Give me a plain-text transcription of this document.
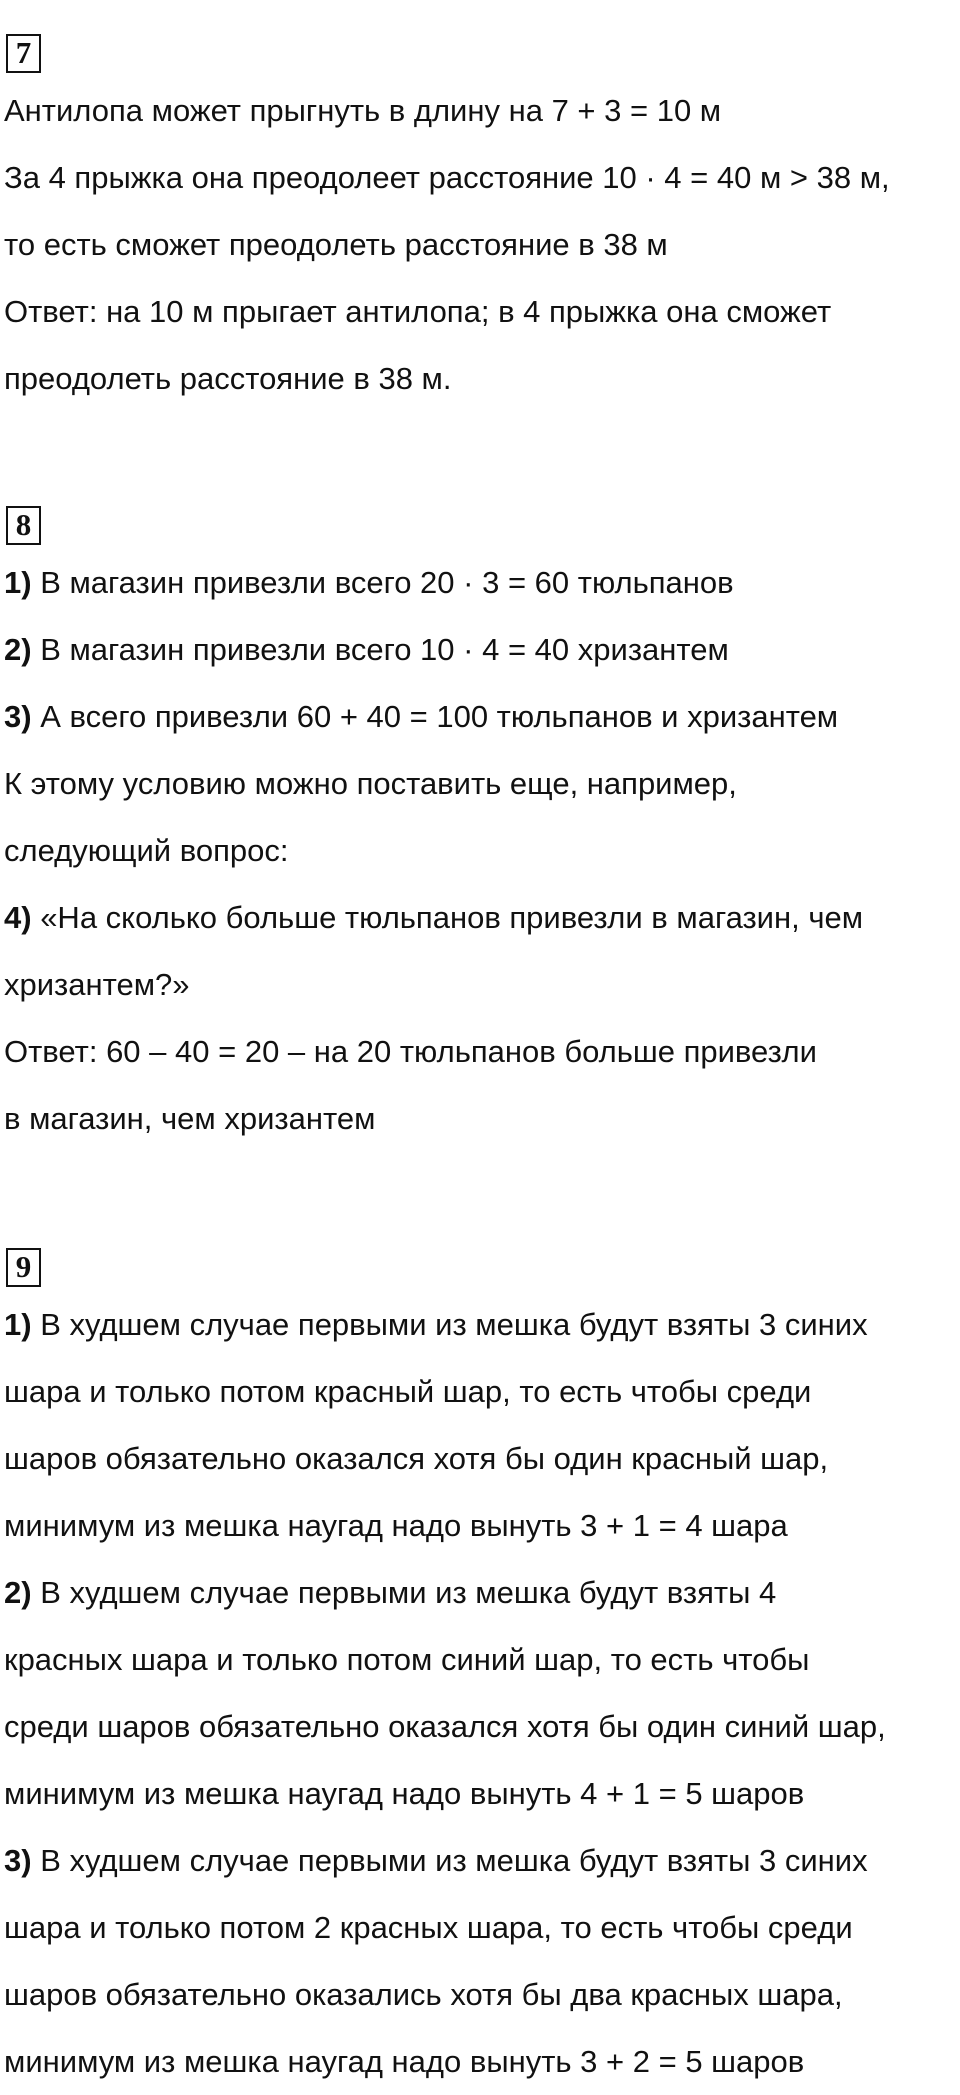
7
Антилопа может прыгнуть в длину на 7 + 3 = 10 м
За 4 прыжка она преодолеет расстояние 10 · 4 = 40 м > 38 м,
то есть сможет преодолеть расстояние в 38 м
Ответ: на 10 м прыгает антилопа; в 4 прыжка она сможет
преодолеть расстояние в 38 м.
8
1) В магазин привезли всего 20 · 3 = 60 тюльпанов
2) В магазин привезли всего 10 · 4 = 40 хризантем
3) А всего привезли 60 + 40 = 100 тюльпанов и хризантем
К этому условию можно поставить еще, например,
следующий вопрос:
4) «На сколько больше тюльпанов привезли в магазин, чем
хризантем?»
Ответ: 60 – 40 = 20 – на 20 тюльпанов больше привезли
в магазин, чем хризантем
9
1) В худшем случае первыми из мешка будут взяты 3 синих
шара и только потом красный шар, то есть чтобы среди
шаров обязательно оказался хотя бы один красный шар,
минимум из мешка наугад надо вынуть 3 + 1 = 4 шара
2) В худшем случае первыми из мешка будут взяты 4
красных шара и только потом синий шар, то есть чтобы
среди шаров обязательно оказался хотя бы один синий шар,
минимум из мешка наугад надо вынуть 4 + 1 = 5 шаров
3) В худшем случае первыми из мешка будут взяты 3 синих
шара и только потом 2 красных шара, то есть чтобы среди
шаров обязательно оказались хотя бы два красных шара,
минимум из мешка наугад надо вынуть 3 + 2 = 5 шаров
